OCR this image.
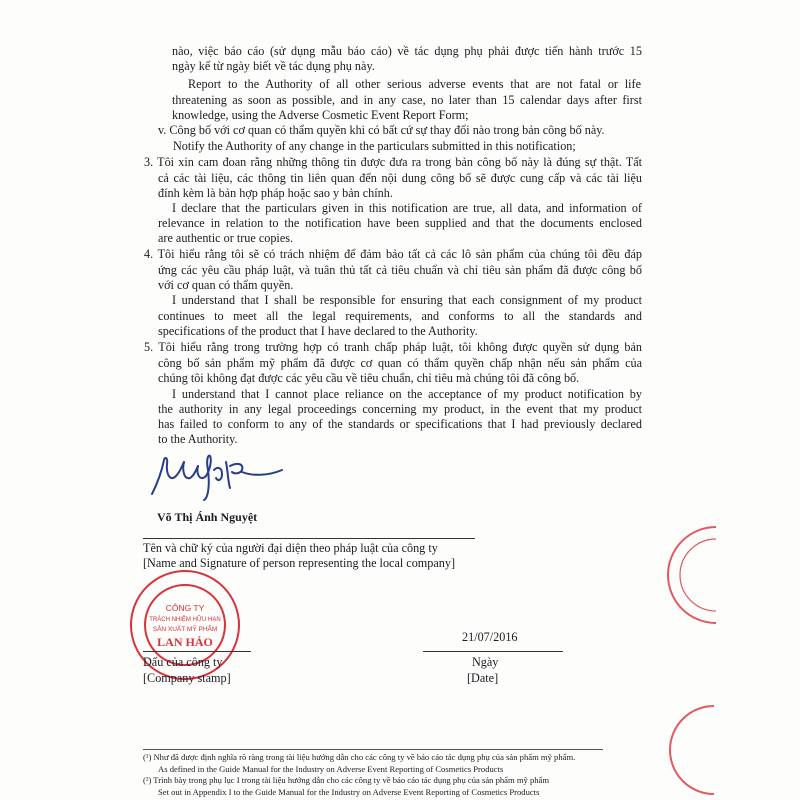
nào, việc báo cáo (sử dụng mẫu báo cáo) về tác dụng phụ phải được tiến hành trước 15
ngày kể từ ngày biết về tác dụng phụ này.
Report to the Authority of all other serious adverse events that are not fatal or life
threatening as soon as possible, and in any case, no later than 15 calendar days after first
knowledge, using the Adverse Cosmetic Event Report Form;
v. Công bố với cơ quan có thẩm quyền khi có bất cứ sự thay đổi nào trong bản công bố này.
Notify the Authority of any change in the particulars submitted in this notification;
3. Tôi xin cam đoan rằng những thông tin được đưa ra trong bản công bố này là đúng sự thật. Tất
cả các tài liệu, các thông tin liên quan đến nội dung công bố sẽ được cung cấp và các tài liệu
đính kèm là bản hợp pháp hoặc sao y bản chính.
I declare that the particulars given in this notification are true, all data, and information of
relevance in relation to the notification have been supplied and that the documents enclosed
are authentic or true copies.
4. Tôi hiểu rằng tôi sẽ có trách nhiệm để đảm bảo tất cả các lô sản phẩm của chúng tôi đều đáp
ứng các yêu cầu pháp luật, và tuân thủ tất cả tiêu chuẩn và chỉ tiêu sản phẩm đã được công bố
với cơ quan có thẩm quyền.
I understand that I shall be responsible for ensuring that each consignment of my product
continues to meet all the legal requirements, and conforms to all the standards and
specifications of the product that I have declared to the Authority.
5. Tôi hiểu rằng trong trường hợp có tranh chấp pháp luật, tôi không được quyền sử dụng bản
công bố sản phẩm mỹ phẩm đã được cơ quan có thẩm quyền chấp nhận nếu sản phẩm của
chúng tôi không đạt được các yêu cầu về tiêu chuẩn, chỉ tiêu mà chúng tôi đã công bố.
I understand that I cannot place reliance on the acceptance of my product notification by
the authority in any legal proceedings concerning my product, in the event that my product
has failed to conform to any of the standards or specifications that I had previously declared
to the Authority.
Võ Thị Ánh Nguyệt
Tên và chữ ký của người đại diện theo pháp luật của công ty
[Name and Signature of person representing the local company]
CÔNG TY
TRÁCH NHIỆM HỮU HẠN
SẢN XUẤT MỸ PHẨM
LAN HẢO	21/07/2016
Dấu của công ty
[Company stamp]
Ngày
[Date]
(¹) Như đã được định nghĩa rõ ràng trong tài liệu hướng dẫn cho các công ty về báo cáo tác dụng phụ của sản phẩm mỹ phẩm.
As defined in the Guide Manual for the Industry on Adverse Event Reporting of Cosmetics Products
(²) Trình bày trong phụ lục I trong tài liệu hướng dẫn cho các công ty về báo cáo tác dụng phụ của sản phẩm mỹ phẩm
Set out in Appendix I to the Guide Manual for the Industry on Adverse Event Reporting of Cosmetics Products
